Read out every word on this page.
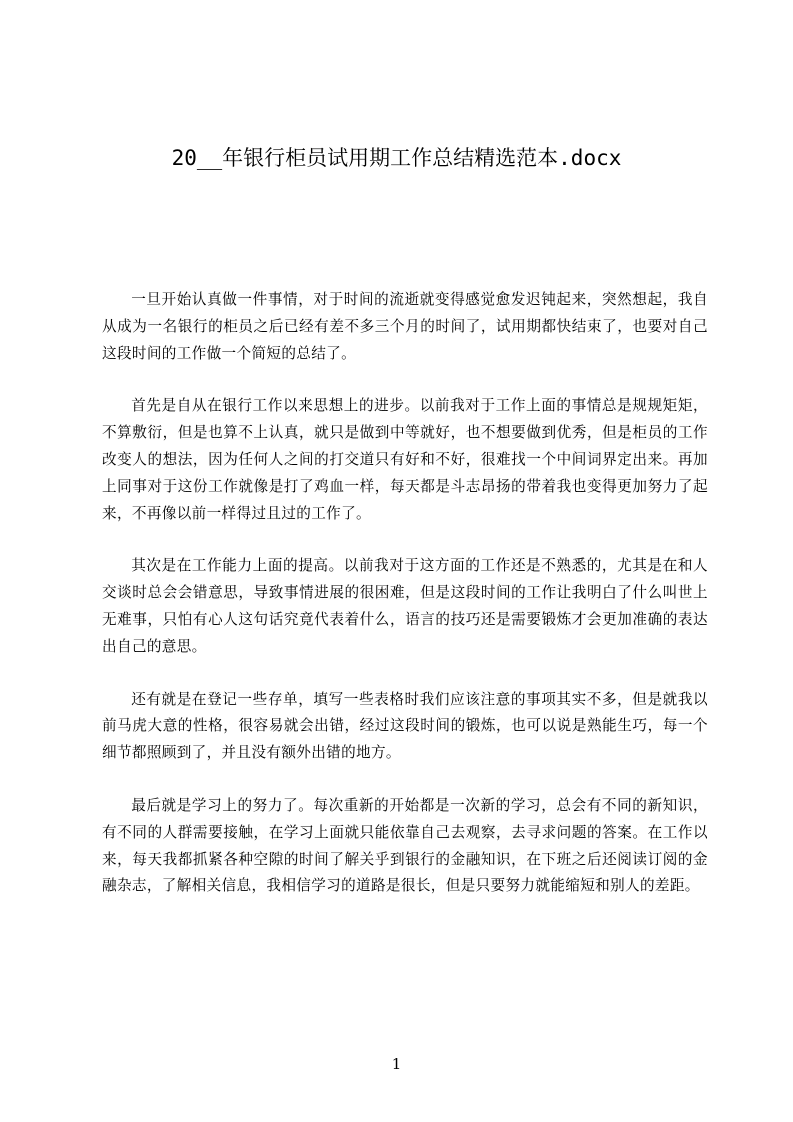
20__年银行柜员试用期工作总结精选范本.docx

一旦开始认真做一件事情，对于时间的流逝就变得感觉愈发迟钝起来，突然想起，我自从成为一名银行的柜员之后已经有差不多三个月的时间了，试用期都快结束了，也要对自己这段时间的工作做一个简短的总结了。

首先是自从在银行工作以来思想上的进步。以前我对于工作上面的事情总是规规矩矩，不算敷衍，但是也算不上认真，就只是做到中等就好，也不想要做到优秀，但是柜员的工作改变人的想法，因为任何人之间的打交道只有好和不好，很难找一个中间词界定出来。再加上同事对于这份工作就像是打了鸡血一样，每天都是斗志昂扬的带着我也变得更加努力了起来，不再像以前一样得过且过的工作了。

其次是在工作能力上面的提高。以前我对于这方面的工作还是不熟悉的，尤其是在和人交谈时总会会错意思，导致事情进展的很困难，但是这段时间的工作让我明白了什么叫世上无难事，只怕有心人这句话究竟代表着什么，语言的技巧还是需要锻炼才会更加准确的表达出自己的意思。

还有就是在登记一些存单，填写一些表格时我们应该注意的事项其实不多，但是就我以前马虎大意的性格，很容易就会出错，经过这段时间的锻炼，也可以说是熟能生巧，每一个细节都照顾到了，并且没有额外出错的地方。

最后就是学习上的努力了。每次重新的开始都是一次新的学习，总会有不同的新知识，有不同的人群需要接触，在学习上面就只能依靠自己去观察，去寻求问题的答案。在工作以来，每天我都抓紧各种空隙的时间了解关乎到银行的金融知识，在下班之后还阅读订阅的金融杂志，了解相关信息，我相信学习的道路是很长，但是只要努力就能缩短和别人的差距。

1
